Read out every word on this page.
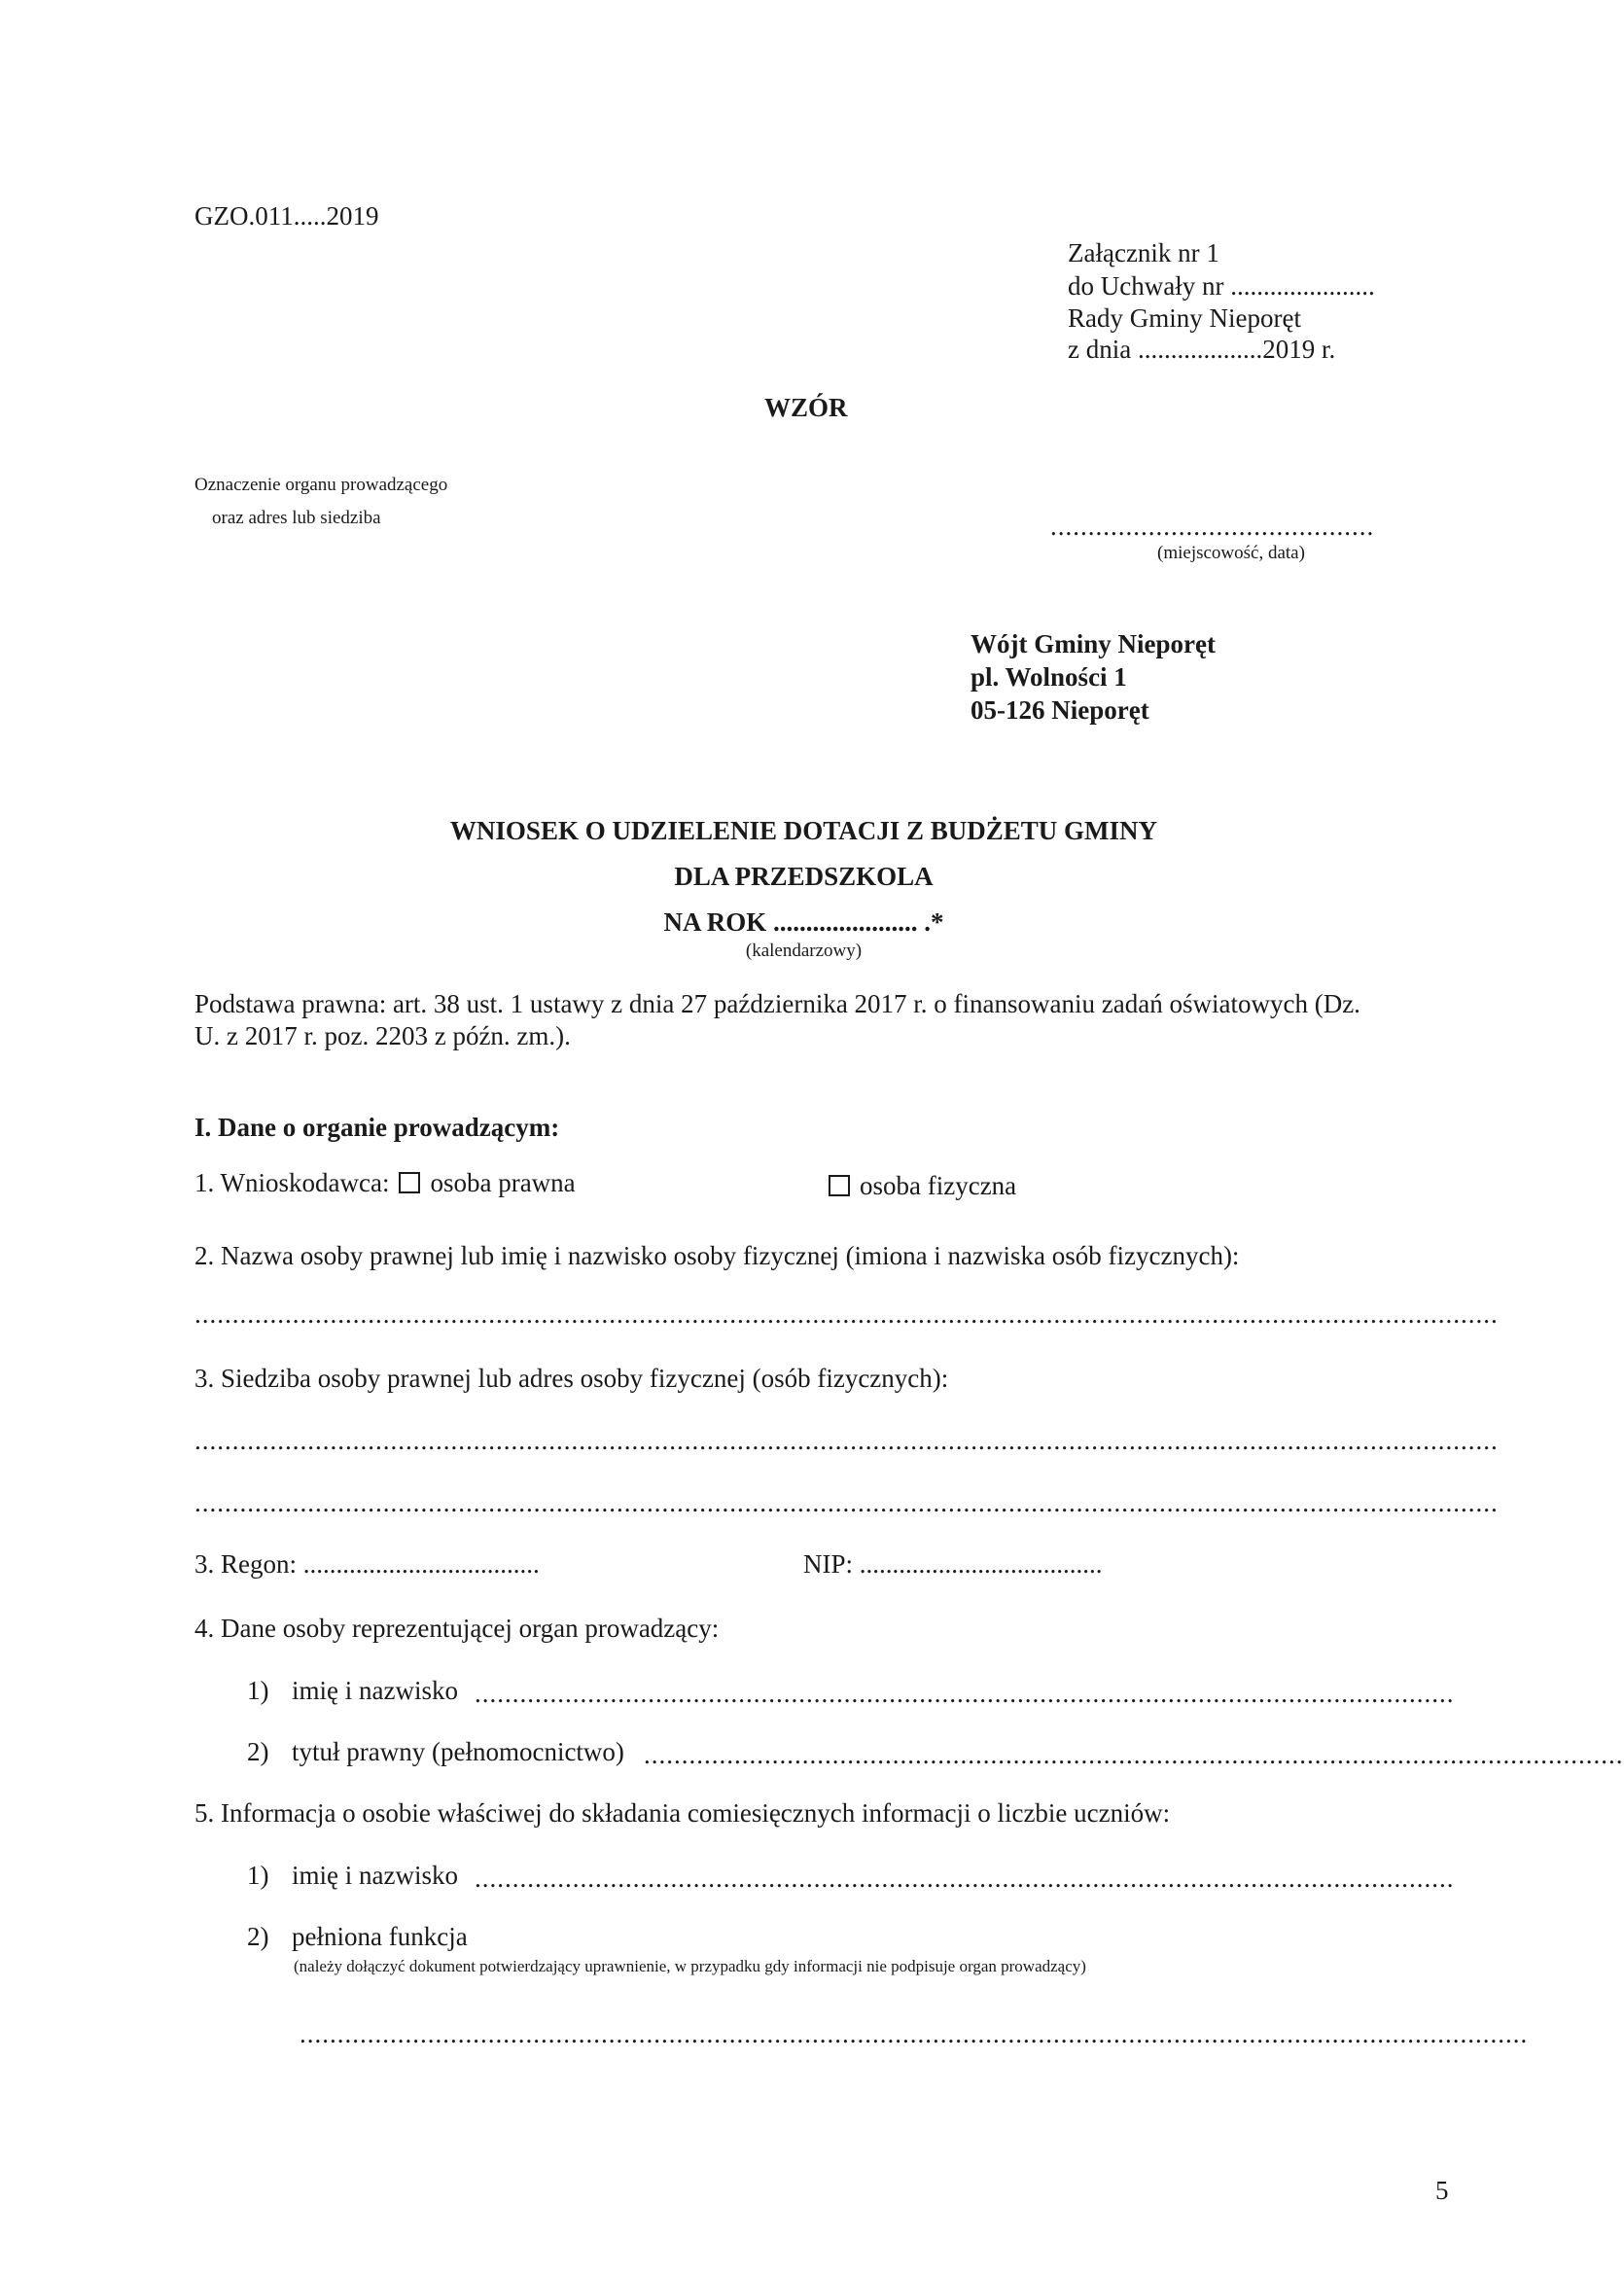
GZO.011.....2019
Załącznik nr 1
do Uchwały nr ......................
Rady Gminy Nieporęt
z dnia ...................2019 r.
WZÓR
Oznaczenie organu prowadzącego
oraz adres lub siedziba	...........................................
(miejscowość, data)
Wójt Gminy Nieporęt
pl. Wolności 1
05-126 Nieporęt
WNIOSEK O UDZIELENIE DOTACJI Z BUDŻETU GMINY
DLA PRZEDSZKOLA
NA ROK ...................... .*
(kalendarzowy)
Podstawa prawna: art. 38 ust. 1 ustawy z dnia 27 października 2017 r. o finansowaniu zadań oświatowych (Dz.
U. z 2017 r. poz. 2203 z późn. zm.).
I. Dane o organie prowadzącym:
1. Wnioskodawca: osoba prawna	osoba fizyczna
2. Nazwa osoby prawnej lub imię i nazwisko osoby fizycznej (imiona i nazwiska osób fizycznych):
.............................................................................................................................................................................
3. Siedziba osoby prawnej lub adres osoby fizycznej (osób fizycznych):
.............................................................................................................................................................................
.............................................................................................................................................................................
3. Regon: ....................................	NIP: .....................................
4. Dane osoby reprezentującej organ prowadzący:
1) imię i nazwisko ..................................................................................................................................
2) tytuł prawny (pełnomocnictwo) ..................................................................................................................................
5. Informacja o osobie właściwej do składania comiesięcznych informacji o liczbie uczniów:
1) imię i nazwisko ..................................................................................................................................
2) pełniona funkcja
(należy dołączyć dokument potwierdzający uprawnienie, w przypadku gdy informacji nie podpisuje organ prowadzący)
...................................................................................................................................................................
5
